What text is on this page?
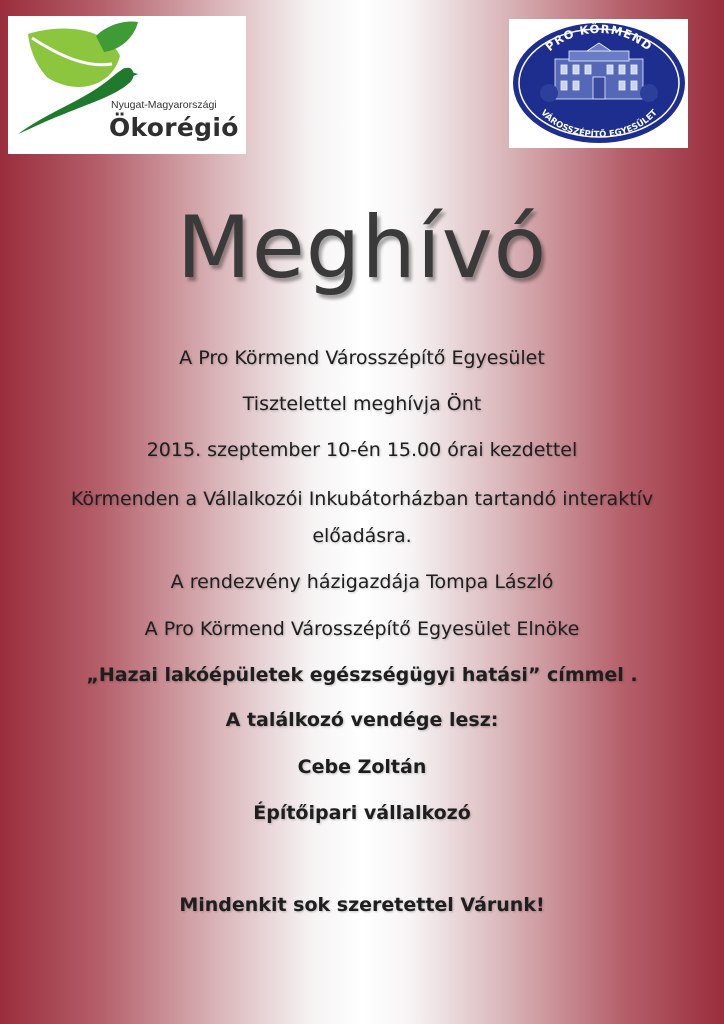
Nyugat-Magyarországi
Ökorégió
PRO KÖRMEND
VÁROSSZÉPÍTŐ EGYESÜLET
Meghívó
A Pro Körmend Városszépítő Egyesület
Tisztelettel meghívja Önt
2015. szeptember 10-én 15.00 órai kezdettel
Körmenden a Vállalkozói Inkubátorházban tartandó interaktív előadásra.
A rendezvény házigazdája Tompa László
A Pro Körmend Városszépítő Egyesület Elnöke
„Hazai lakóépületek egészségügyi hatási” címmel .
A találkozó vendége lesz:
Cebe Zoltán
Építőipari vállalkozó
Mindenkit sok szeretettel Várunk!
